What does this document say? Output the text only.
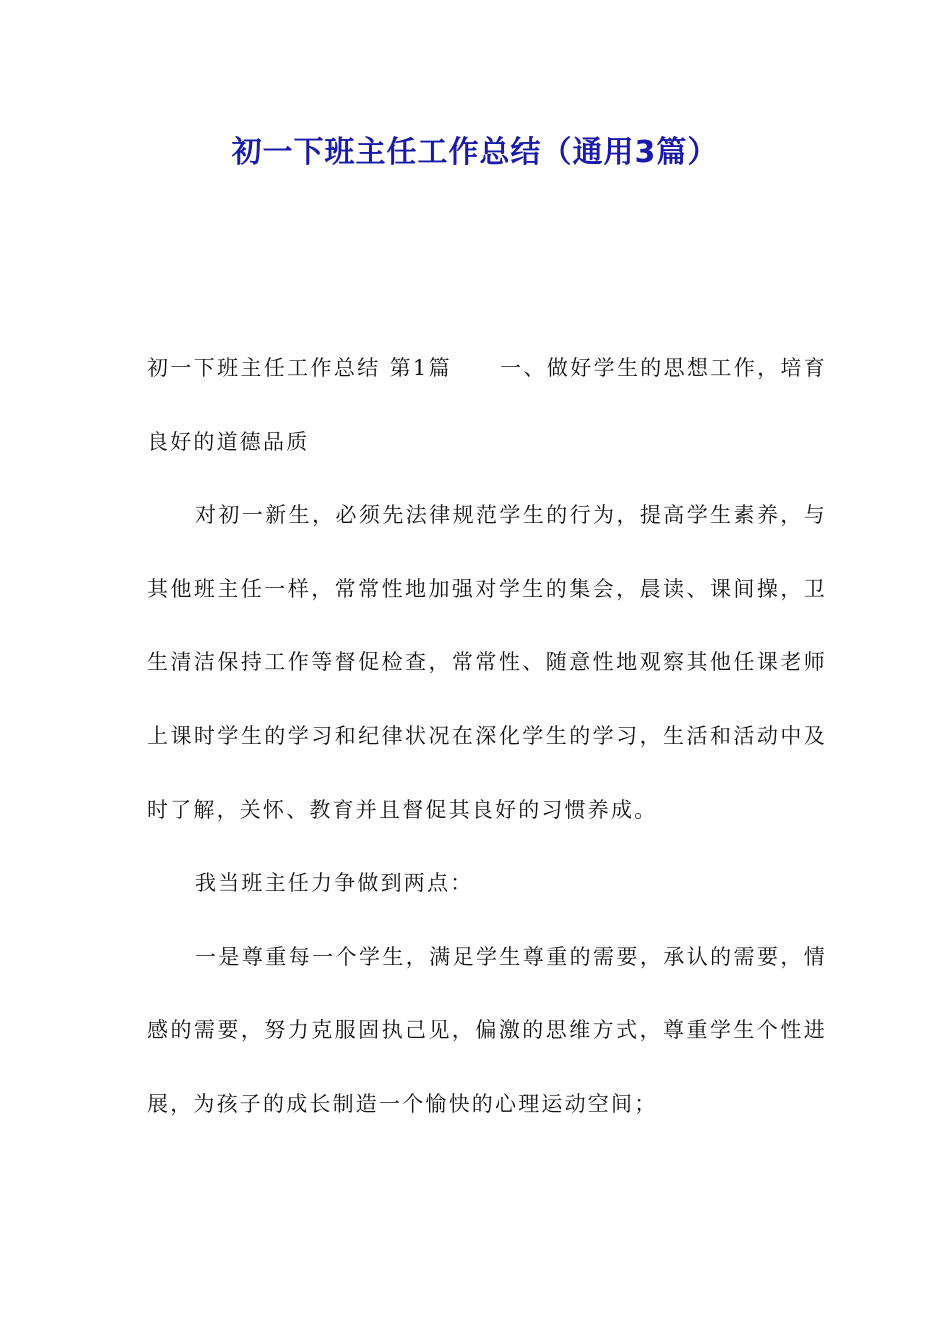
初一下班主任工作总结（通用3篇）

初一下班主任工作总结 第1篇 一、做好学生的思想工作，培育良好的道德品质

对初一新生，必须先法律规范学生的行为，提高学生素养，与其他班主任一样，常常性地加强对学生的集会，晨读、课间操，卫生清洁保持工作等督促检查，常常性、随意性地观察其他任课老师上课时学生的学习和纪律状况在深化学生的学习，生活和活动中及时了解，关怀、教育并且督促其良好的习惯养成。

我当班主任力争做到两点：

一是尊重每一个学生，满足学生尊重的需要，承认的需要，情感的需要，努力克服固执己见，偏激的思维方式，尊重学生个性进展，为孩子的成长制造一个愉快的心理运动空间；
